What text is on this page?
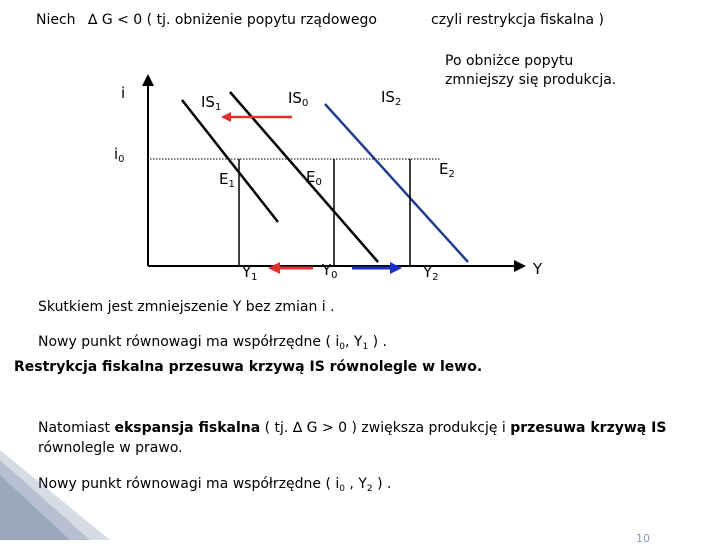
Niech ∆ G < 0 ( tj. obniżenie popytu rządowego	czyli restrykcja fiskalna )
Po obniżce popytu zmniejszy się produkcja.
i
$i_0$
$IS_1$
$IS_0$	$IS_2$
$E_1$	$E_0$
$E_2$
$Y_1$	$Y_0$	$Y_2$	Y
Skutkiem jest zmniejszenie Y bez zmian i .
Nowy punkt równowagi ma współrzędne ( $i_0$, $Y_1$ ) .
Restrykcja fiskalna przesuwa krzywą IS równolegle w lewo.
Natomiast ekspansja fiskalna ( tj. ∆ G > 0 ) zwiększa produkcję i przesuwa krzywą IS
równolegle w prawo.
Nowy punkt równowagi ma współrzędne ( $i_0$ , $Y_2$ ) .
10
